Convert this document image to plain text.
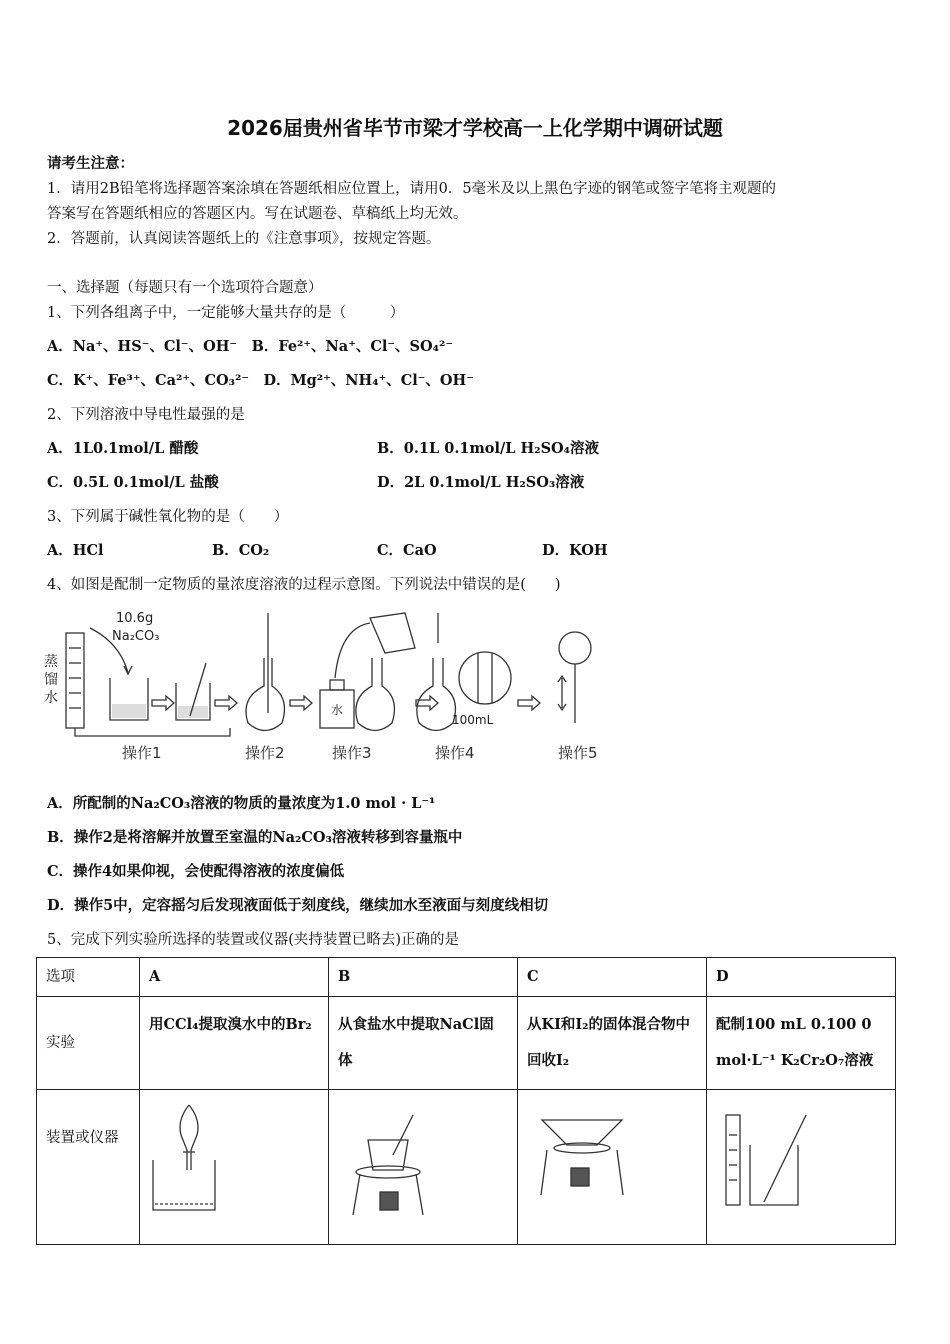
2026届贵州省毕节市梁才学校高一上化学期中调研试题
请考生注意：
1．请用2B铅笔将选择题答案涂填在答题纸相应位置上，请用0．5毫米及以上黑色字迹的钢笔或签字笔将主观题的
答案写在答题纸相应的答题区内。写在试题卷、草稿纸上均无效。
2．答题前，认真阅读答题纸上的《注意事项》，按规定答题。
一、选择题（每题只有一个选项符合题意）
1、下列各组离子中，一定能够大量共存的是（　　　）
A．Na⁺、HS⁻、Cl⁻、OH⁻　B．Fe²⁺、Na⁺、Cl⁻、SO₄²⁻
C．K⁺、Fe³⁺、Ca²⁺、CO₃²⁻　D．Mg²⁺、NH₄⁺、Cl⁻、OH⁻
2、下列溶液中导电性最强的是
A．1L0.1mol/L 醋酸	B．0.1L 0.1mol/L H₂SO₄溶液
C．0.5L 0.1mol/L 盐酸	D．2L 0.1mol/L H₂SO₃溶液
3、下列属于碱性氧化物的是（　　）
A．HCl	B．CO₂	C．CaO	D．KOH
4、如图是配制一定物质的量浓度溶液的过程示意图。下列说法中错误的是(　　)
蒸
馏
水
10.6g
Na₂CO₃
水
100mL
操作1	操作2	操作3	操作4	操作5
A．所配制的Na₂CO₃溶液的物质的量浓度为1.0 mol · L⁻¹
B．操作2是将溶解并放置至室温的Na₂CO₃溶液转移到容量瓶中
C．操作4如果仰视，会使配得溶液的浓度偏低
D．操作5中，定容摇匀后发现液面低于刻度线，继续加水至液面与刻度线相切
5、完成下列实验所选择的装置或仪器(夹持装置已略去)正确的是
选项	A	B	C	D
实验	用CCl₄提取溴水中的Br₂	从食盐水中提取NaCl固体	从KI和I₂的固体混合物中回收I₂	配制100 mL 0.100 0 mol·L⁻¹ K₂Cr₂O₇溶液
装置或仪器				
